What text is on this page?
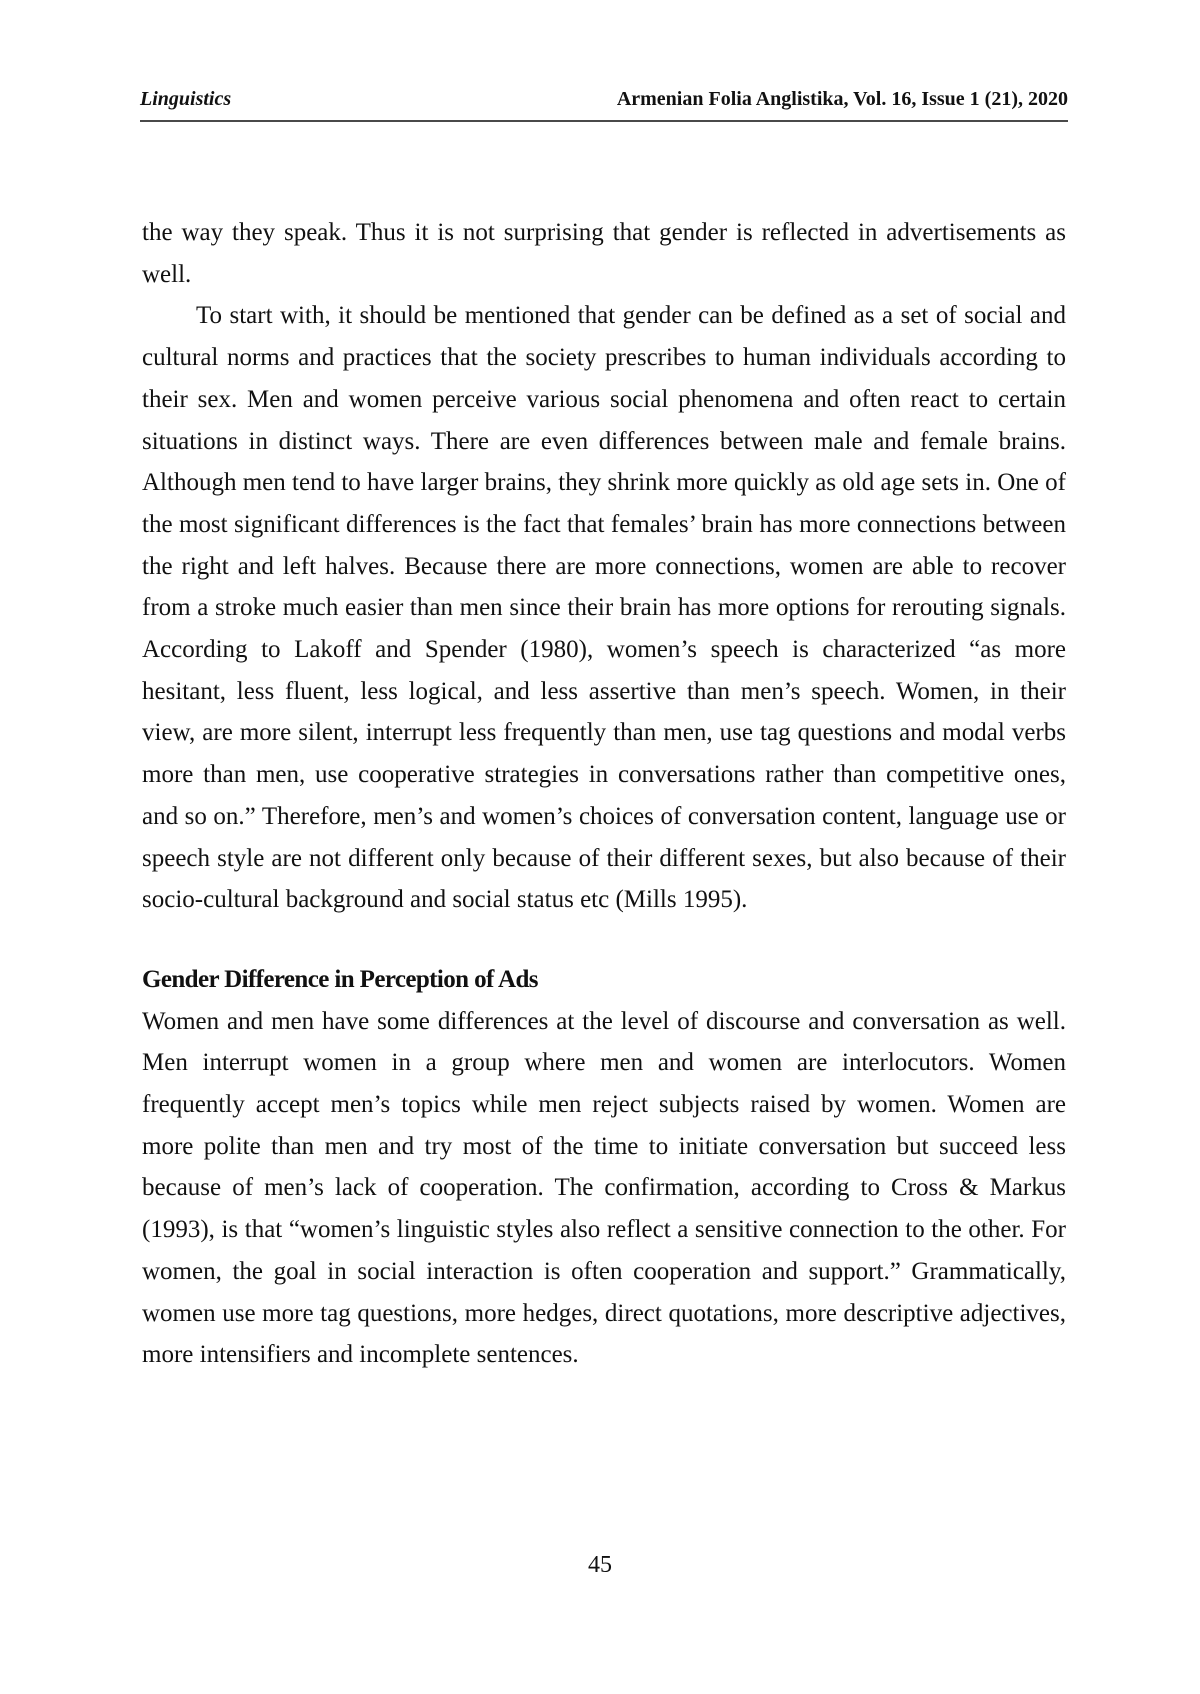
Linguistics	Armenian Folia Anglistika, Vol. 16, Issue 1 (21), 2020

the way they speak. Thus it is not surprising that gender is reflected in advertisements as well.

To start with, it should be mentioned that gender can be defined as a set of social and cultural norms and practices that the society prescribes to human individuals according to their sex. Men and women perceive various social phenomena and often react to certain situations in distinct ways. There are even differences between male and female brains. Although men tend to have larger brains, they shrink more quickly as old age sets in. One of the most significant differences is the fact that females’ brain has more connections between the right and left halves. Because there are more connections, women are able to recover from a stroke much easier than men since their brain has more options for rerouting signals. According to Lakoff and Spender (1980), women’s speech is characterized “as more hesitant, less fluent, less logical, and less assertive than men’s speech. Women, in their view, are more silent, interrupt less frequently than men, use tag questions and modal verbs more than men, use cooperative strategies in conversations rather than competitive ones, and so on.” Therefore, men’s and women’s choices of conversation content, language use or speech style are not different only because of their different sexes, but also because of their socio-cultural background and social status etc (Mills 1995).

Gender Difference in Perception of Ads

Women and men have some differences at the level of discourse and conversation as well. Men interrupt women in a group where men and women are interlocutors. Women frequently accept men’s topics while men reject subjects raised by women. Women are more polite than men and try most of the time to initiate conversation but succeed less because of men’s lack of cooperation. The confirmation, according to Cross & Markus (1993), is that “women’s linguistic styles also reflect a sensitive connection to the other. For women, the goal in social interaction is often cooperation and support.” Grammatically, women use more tag questions, more hedges, direct quotations, more descriptive adjectives, more intensifiers and incomplete sentences.

45
